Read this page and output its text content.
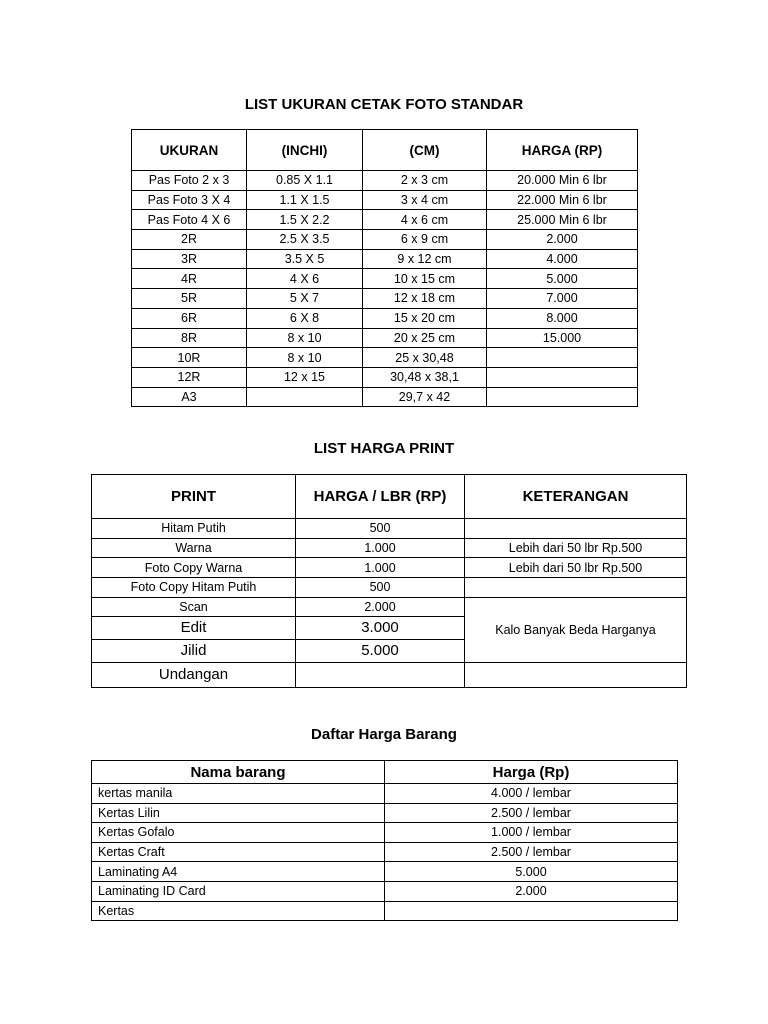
LIST UKURAN CETAK FOTO STANDAR
UKURAN	(INCHI)	(CM)	HARGA (RP)
Pas Foto 2 x 3	0.85 X 1.1	2 x 3 cm	20.000 Min 6 lbr
Pas Foto 3 X 4	1.1 X 1.5	3 x 4 cm	22.000 Min 6 lbr
Pas Foto 4 X 6	1.5 X 2.2	4 x 6 cm	25.000 Min 6 lbr
2R	2.5 X 3.5	6 x 9 cm	2.000
3R	3.5 X 5	9 x 12 cm	4.000
4R	4 X 6	10 x 15 cm	5.000
5R	5 X 7	12 x 18 cm	7.000
6R	6 X 8	15 x 20 cm	8.000
8R	8 x 10	20 x 25 cm	15.000
10R	8 x 10	25 x 30,48	
12R	12 x 15	30,48 x 38,1	
A3		29,7 x 42	
LIST HARGA PRINT
PRINT	HARGA / LBR (RP)	KETERANGAN
Hitam Putih	500	
Warna	1.000	Lebih dari 50 lbr Rp.500
Foto Copy Warna	1.000	Lebih dari 50 lbr Rp.500
Foto Copy Hitam Putih	500	
Scan	2.000	Kalo Banyak Beda Harganya
Edit	3.000	
Jilid	5.000	
Undangan		
Daftar Harga Barang
Nama barang	Harga (Rp)
kertas manila	4.000 / lembar
Kertas Lilin	2.500 / lembar
Kertas Gofalo	1.000 / lembar
Kertas Craft	2.500 / lembar
Laminating A4	5.000
Laminating ID Card	2.000
Kertas	
